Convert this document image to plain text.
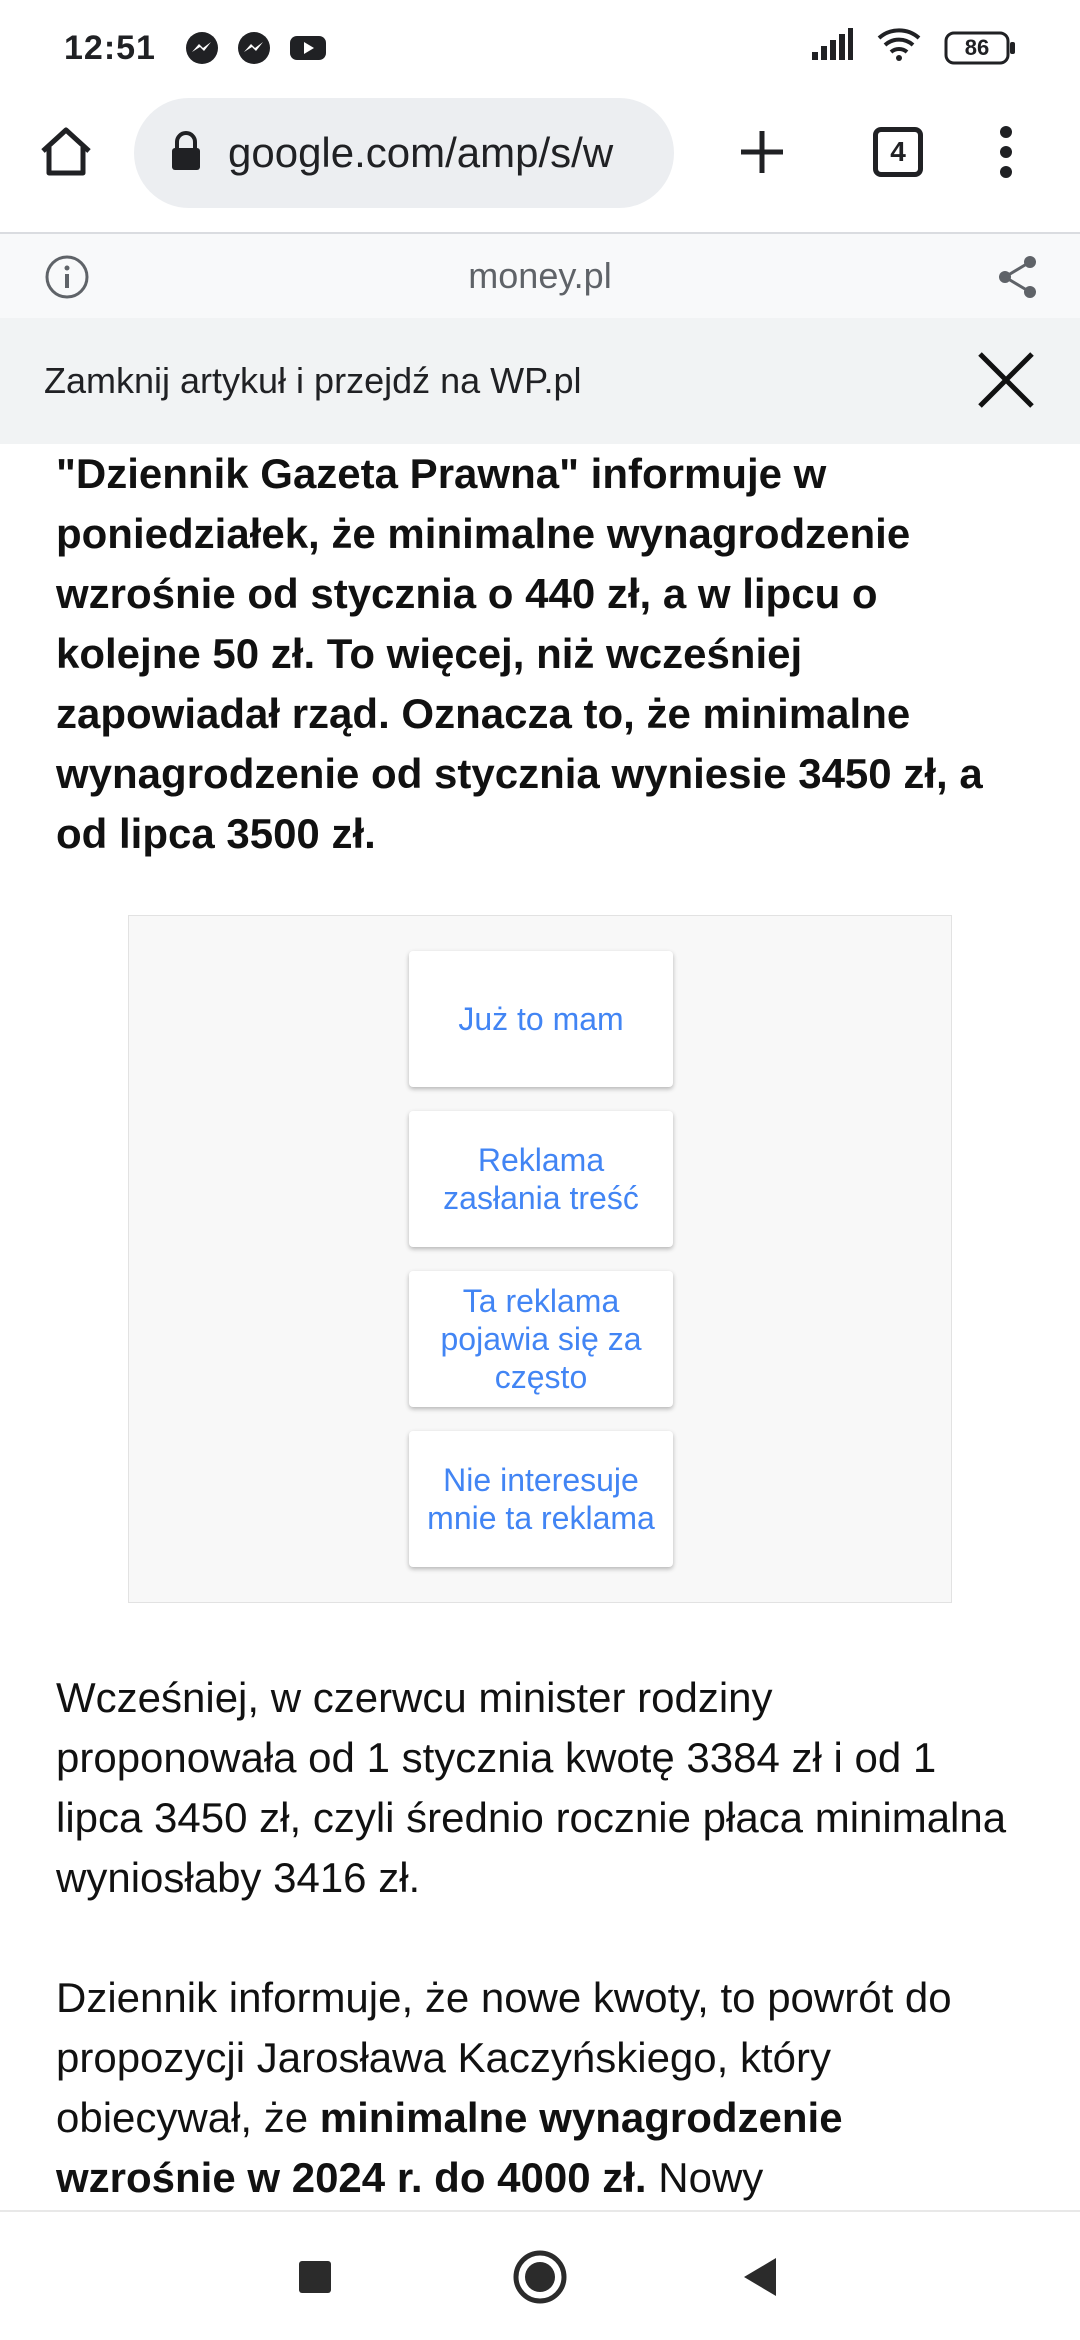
12:51	86
google.com/amp/s/w	4
money.pl
Zamknij artykuł i przejdź na WP.pl

"Dziennik Gazeta Prawna" informuje w poniedziałek, że minimalne wynagrodzenie wzrośnie od stycznia o 440 zł, a w lipcu o kolejne 50 zł. To więcej, niż wcześniej zapowiadał rząd. Oznacza to, że minimalne wynagrodzenie od stycznia wyniesie 3450 zł, a od lipca 3500 zł.

Już to mam
Reklama zasłania treść
Ta reklama pojawia się za często
Nie interesuje mnie ta reklama

Wcześniej, w czerwcu minister rodziny proponowała od 1 stycznia kwotę 3384 zł i od 1 lipca 3450 zł, czyli średnio rocznie płaca minimalna wyniosłaby 3416 zł.

Dziennik informuje, że nowe kwoty, to powrót do propozycji Jarosława Kaczyńskiego, który obiecywał, że minimalne wynagrodzenie wzrośnie w 2024 r. do 4000 zł. Nowy
